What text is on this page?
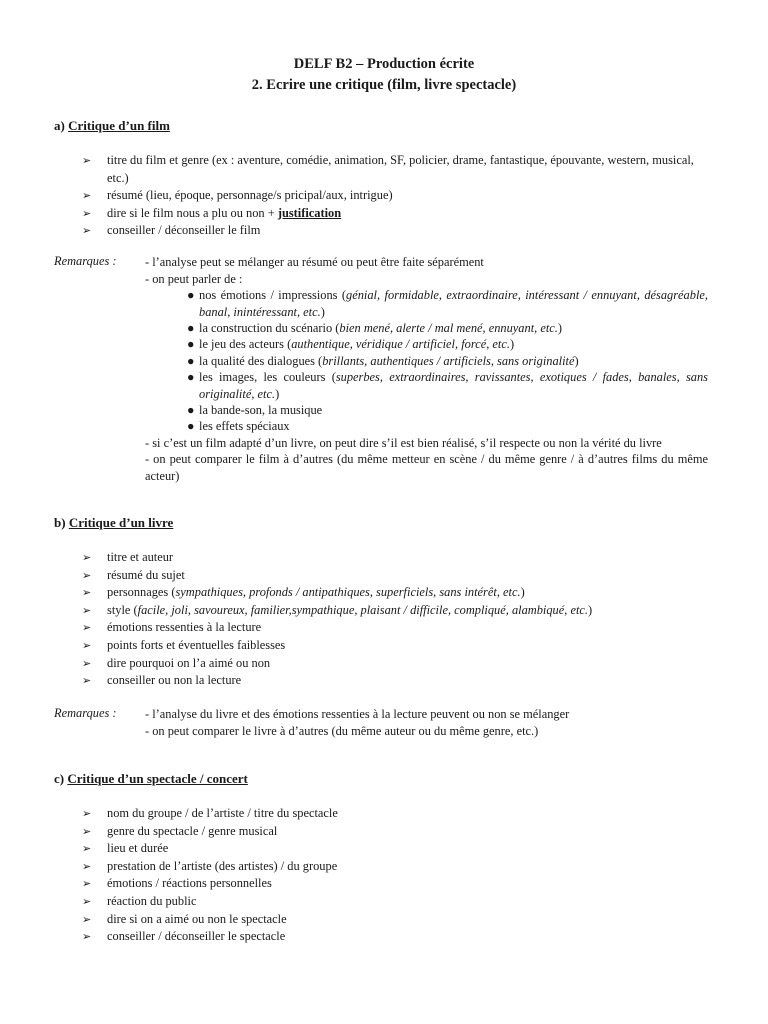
DELF B2 – Production écrite
2. Ecrire une critique (film, livre spectacle)
a) Critique d’un film
➢ titre du film et genre (ex : aventure, comédie, animation, SF, policier, drame, fantastique, épouvante, western, musical, etc.)
➢ résumé (lieu, époque, personnage/s pricipal/aux, intrigue)
➢ dire si le film nous a plu ou non + justification
➢ conseiller / déconseiller le film
Remarques : - l’analyse peut se mélanger au résumé ou peut être faite séparément

- on peut parler de :

● nos émotions / impressions (génial, formidable, extraordinaire, intéressant / ennuyant, désagréable, banal, inintéressant, etc.)

● la construction du scénario (bien mené, alerte / mal mené, ennuyant, etc.)

● le jeu des acteurs (authentique, véridique / artificiel, forcé, etc.)

● la qualité des dialogues (brillants, authentiques / artificiels, sans originalité)

● les images, les couleurs (superbes, extraordinaires, ravissantes, exotiques / fades, banales, sans originalité, etc.)

● la bande-son, la musique

● les effets spéciaux

- si c’est un film adapté d’un livre, on peut dire s’il est bien réalisé, s’il respecte ou non la vérité du livre

- on peut comparer le film à d’autres (du même metteur en scène / du même genre / à d’autres films du même acteur)

b) Critique d’un livre
➢ titre et auteur
➢ résumé du sujet
➢ personnages (sympathiques, profonds / antipathiques, superficiels, sans intérêt, etc.)
➢ style (facile, joli, savoureux, familier,sympathique, plaisant / difficile, compliqué, alambiqué, etc.)
➢ émotions ressenties à la lecture
➢ points forts et éventuelles faiblesses
➢ dire pourquoi on l’a aimé ou non
➢ conseiller ou non la lecture
Remarques : - l’analyse du livre et des émotions ressenties à la lecture peuvent ou non se mélanger

- on peut comparer le livre à d’autres (du même auteur ou du même genre, etc.)

c) Critique d’un spectacle / concert
➢ nom du groupe / de l’artiste / titre du spectacle
➢ genre du spectacle / genre musical
➢ lieu et durée
➢ prestation de l’artiste (des artistes) / du groupe
➢ émotions / réactions personnelles
➢ réaction du public
➢ dire si on a aimé ou non le spectacle
➢ conseiller / déconseiller le spectacle
